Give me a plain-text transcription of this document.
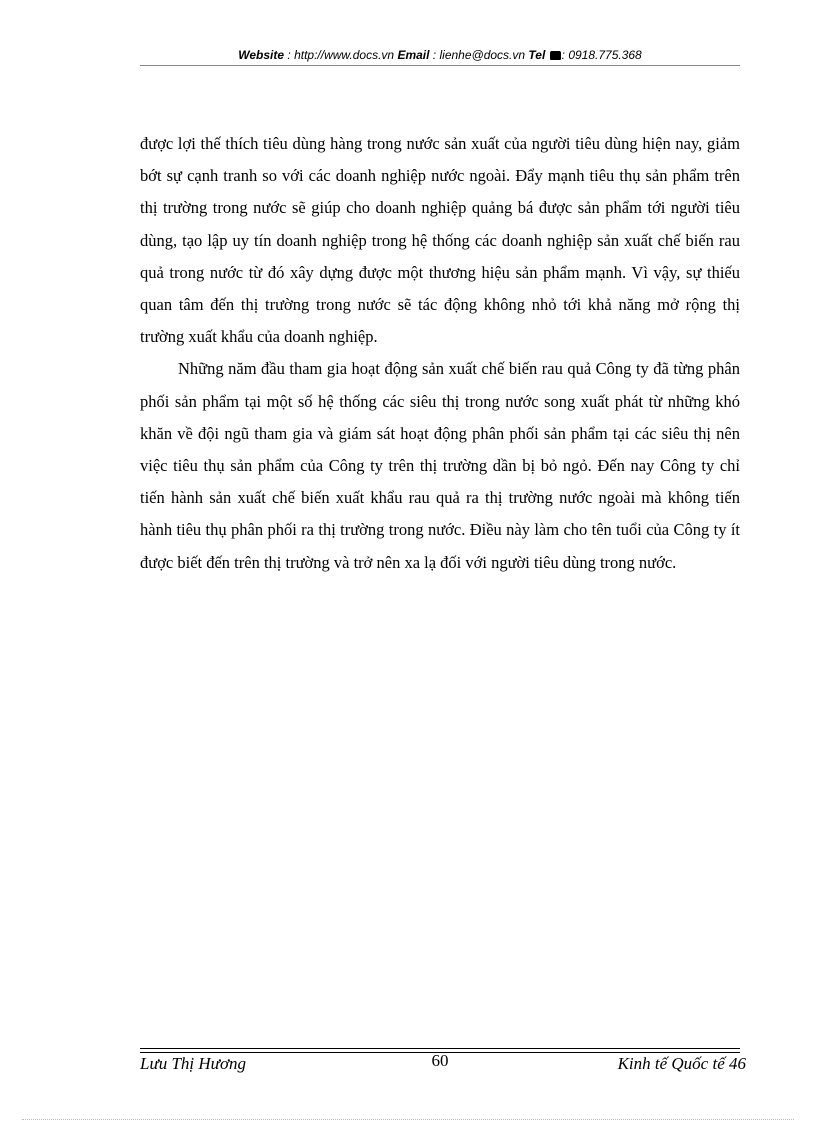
Website : http://www.docs.vn Email : lienhe@docs.vn Tel : 0918.775.368

được lợi thế thích tiêu dùng hàng trong nước sản xuất của người tiêu dùng hiện nay, giảm bớt sự cạnh tranh so với các doanh nghiệp nước ngoài. Đẩy mạnh tiêu thụ sản phẩm trên thị trường trong nước sẽ giúp cho doanh nghiệp quảng bá được sản phẩm tới người tiêu dùng, tạo lập uy tín doanh nghiệp trong hệ thống các doanh nghiệp sản xuất chế biến rau quả trong nước từ đó xây dựng được một thương hiệu sản phẩm mạnh. Vì vậy, sự thiếu quan tâm đến thị trường trong nước sẽ tác động không nhỏ tới khả năng mở rộng thị trường xuất khẩu của doanh nghiệp.

Những năm đầu tham gia hoạt động sản xuất chế biến rau quả Công ty đã từng phân phối sản phẩm tại một số hệ thống các siêu thị trong nước song xuất phát từ những khó khăn về đội ngũ tham gia và giám sát hoạt động phân phối sản phẩm tại các siêu thị nên việc tiêu thụ sản phẩm của Công ty trên thị trường dần bị bỏ ngỏ. Đến nay Công ty chỉ tiến hành sản xuất chế biến xuất khẩu rau quả ra thị trường nước ngoài mà không tiến hành tiêu thụ phân phối ra thị trường trong nước. Điều này làm cho tên tuổi của Công ty ít được biết đến trên thị trường và trở nên xa lạ đối với người tiêu dùng trong nước.

Lưu Thị Hương	60	Kinh tế Quốc tế 46
